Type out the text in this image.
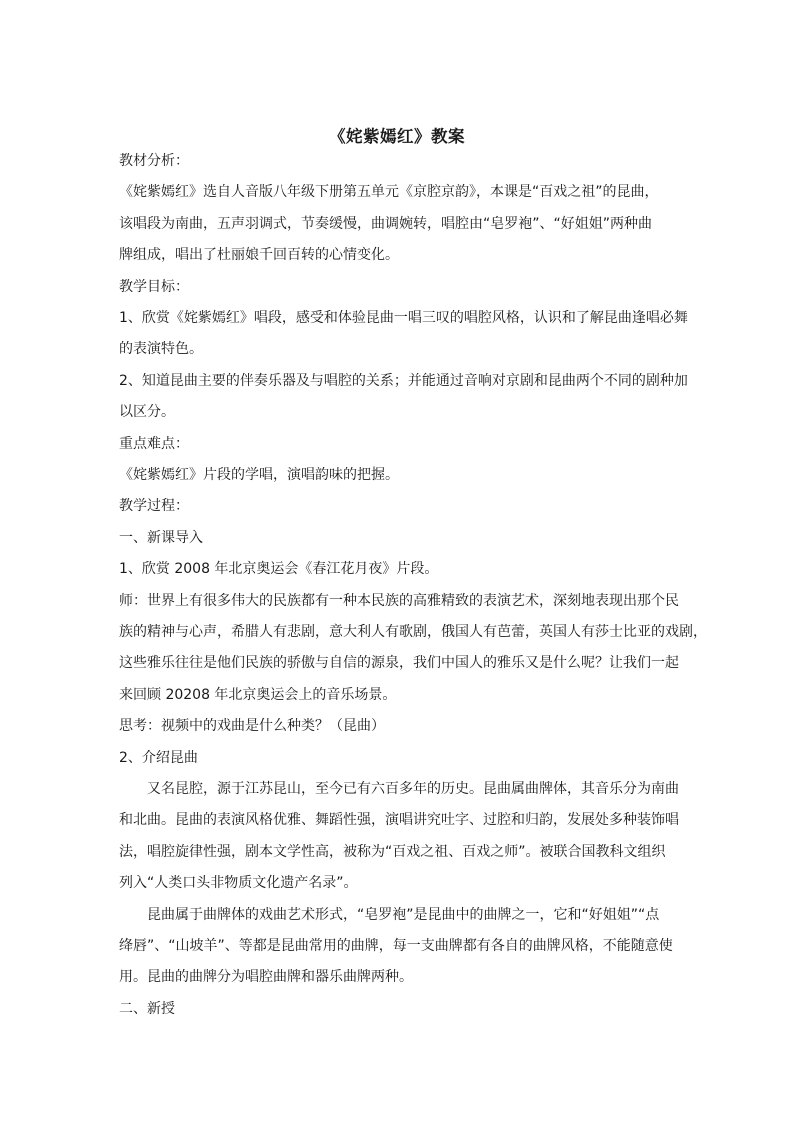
《姹紫嫣红》教案
教材分析：
《姹紫嫣红》选自人音版八年级下册第五单元《京腔京韵》，本课是“百戏之祖”的昆曲，
该唱段为南曲，五声羽调式，节奏缓慢，曲调婉转，唱腔由“皂罗袍”、“好姐姐”两种曲
牌组成，唱出了杜丽娘千回百转的心情变化。
教学目标：
1、欣赏《姹紫嫣红》唱段，感受和体验昆曲一唱三叹的唱腔风格，认识和了解昆曲逢唱必舞
的表演特色。
2、知道昆曲主要的伴奏乐器及与唱腔的关系；并能通过音响对京剧和昆曲两个不同的剧种加
以区分。
重点难点：
《姹紫嫣红》片段的学唱，演唱韵味的把握。
教学过程：
一、新课导入
1、欣赏 2008 年北京奥运会《春江花月夜》片段。
师：世界上有很多伟大的民族都有一种本民族的高雅精致的表演艺术，深刻地表现出那个民
族的精神与心声，希腊人有悲剧，意大利人有歌剧，俄国人有芭蕾，英国人有莎士比亚的戏剧，
这些雅乐往往是他们民族的骄傲与自信的源泉，我们中国人的雅乐又是什么呢？让我们一起
来回顾 20208 年北京奥运会上的音乐场景。
思考：视频中的戏曲是什么种类？（昆曲）
2、介绍昆曲
又名昆腔，源于江苏昆山，至今已有六百多年的历史。昆曲属曲牌体，其音乐分为南曲
和北曲。昆曲的表演风格优雅、舞蹈性强，演唱讲究吐字、过腔和归韵，发展处多种装饰唱
法，唱腔旋律性强，剧本文学性高，被称为“百戏之祖、百戏之师”。被联合国教科文组织
列入“人类口头非物质文化遗产名录”。
昆曲属于曲牌体的戏曲艺术形式，“皂罗袍”是昆曲中的曲牌之一，它和“好姐姐”“点
绛唇”、“山坡羊”、等都是昆曲常用的曲牌，每一支曲牌都有各自的曲牌风格，不能随意使
用。昆曲的曲牌分为唱腔曲牌和器乐曲牌两种。
二、新授
